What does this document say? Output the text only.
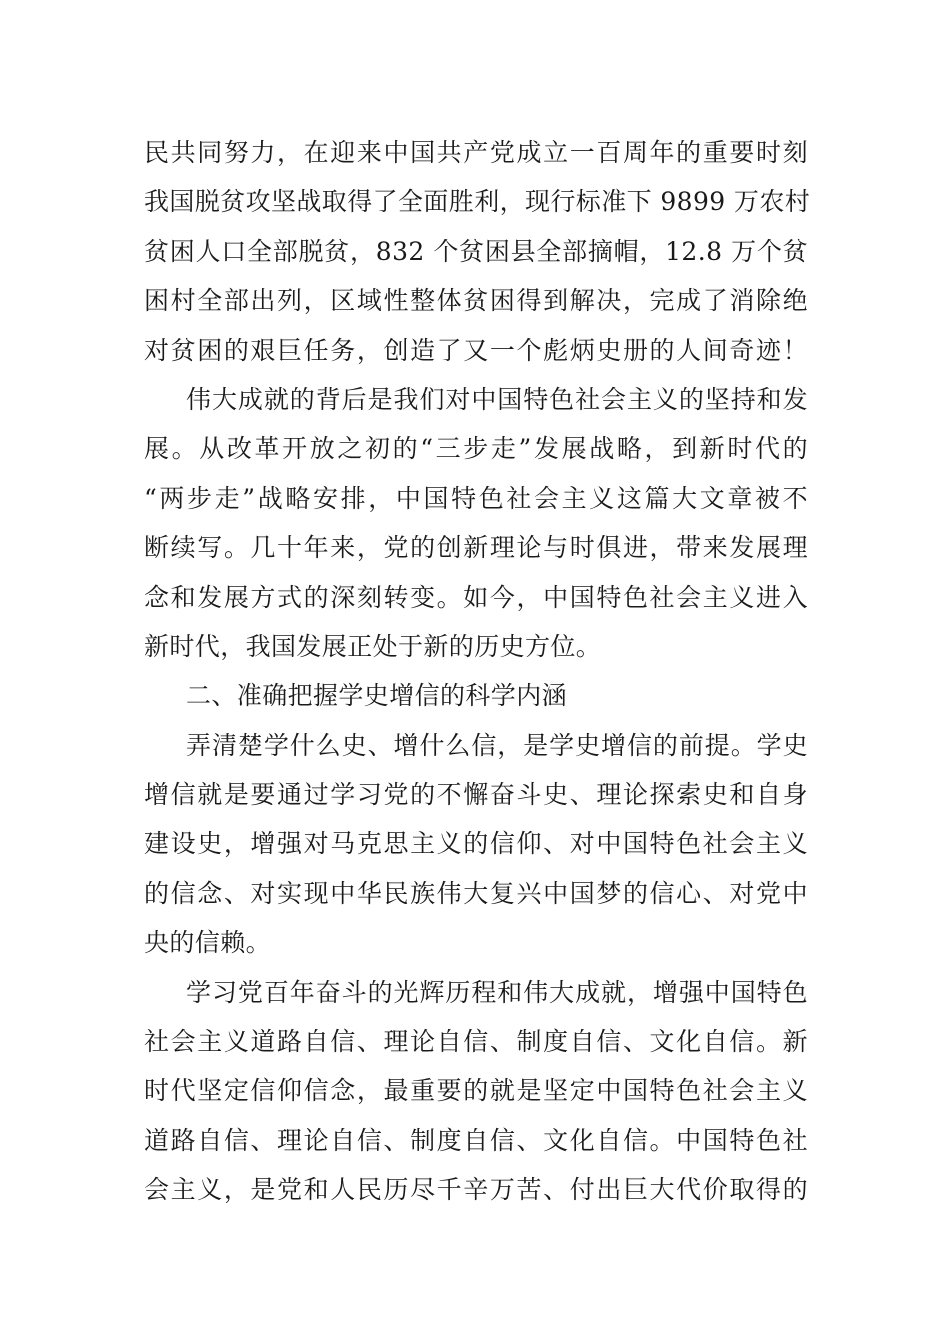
民共同努力，在迎来中国共产党成立一百周年的重要时刻
我国脱贫攻坚战取得了全面胜利，现行标准下 9899 万农村
贫困人口全部脱贫，832 个贫困县全部摘帽，12.8 万个贫
困村全部出列，区域性整体贫困得到解决，完成了消除绝
对贫困的艰巨任务，创造了又一个彪炳史册的人间奇迹！
伟大成就的背后是我们对中国特色社会主义的坚持和发
展。从改革开放之初的“三步走”发展战略，到新时代的
“两步走”战略安排，中国特色社会主义这篇大文章被不
断续写。几十年来，党的创新理论与时俱进，带来发展理
念和发展方式的深刻转变。如今，中国特色社会主义进入
新时代，我国发展正处于新的历史方位。
二、准确把握学史增信的科学内涵
弄清楚学什么史、增什么信，是学史增信的前提。学史
增信就是要通过学习党的不懈奋斗史、理论探索史和自身
建设史，增强对马克思主义的信仰、对中国特色社会主义
的信念、对实现中华民族伟大复兴中国梦的信心、对党中
央的信赖。
学习党百年奋斗的光辉历程和伟大成就，增强中国特色
社会主义道路自信、理论自信、制度自信、文化自信。新
时代坚定信仰信念，最重要的就是坚定中国特色社会主义
道路自信、理论自信、制度自信、文化自信。中国特色社
会主义，是党和人民历尽千辛万苦、付出巨大代价取得的
